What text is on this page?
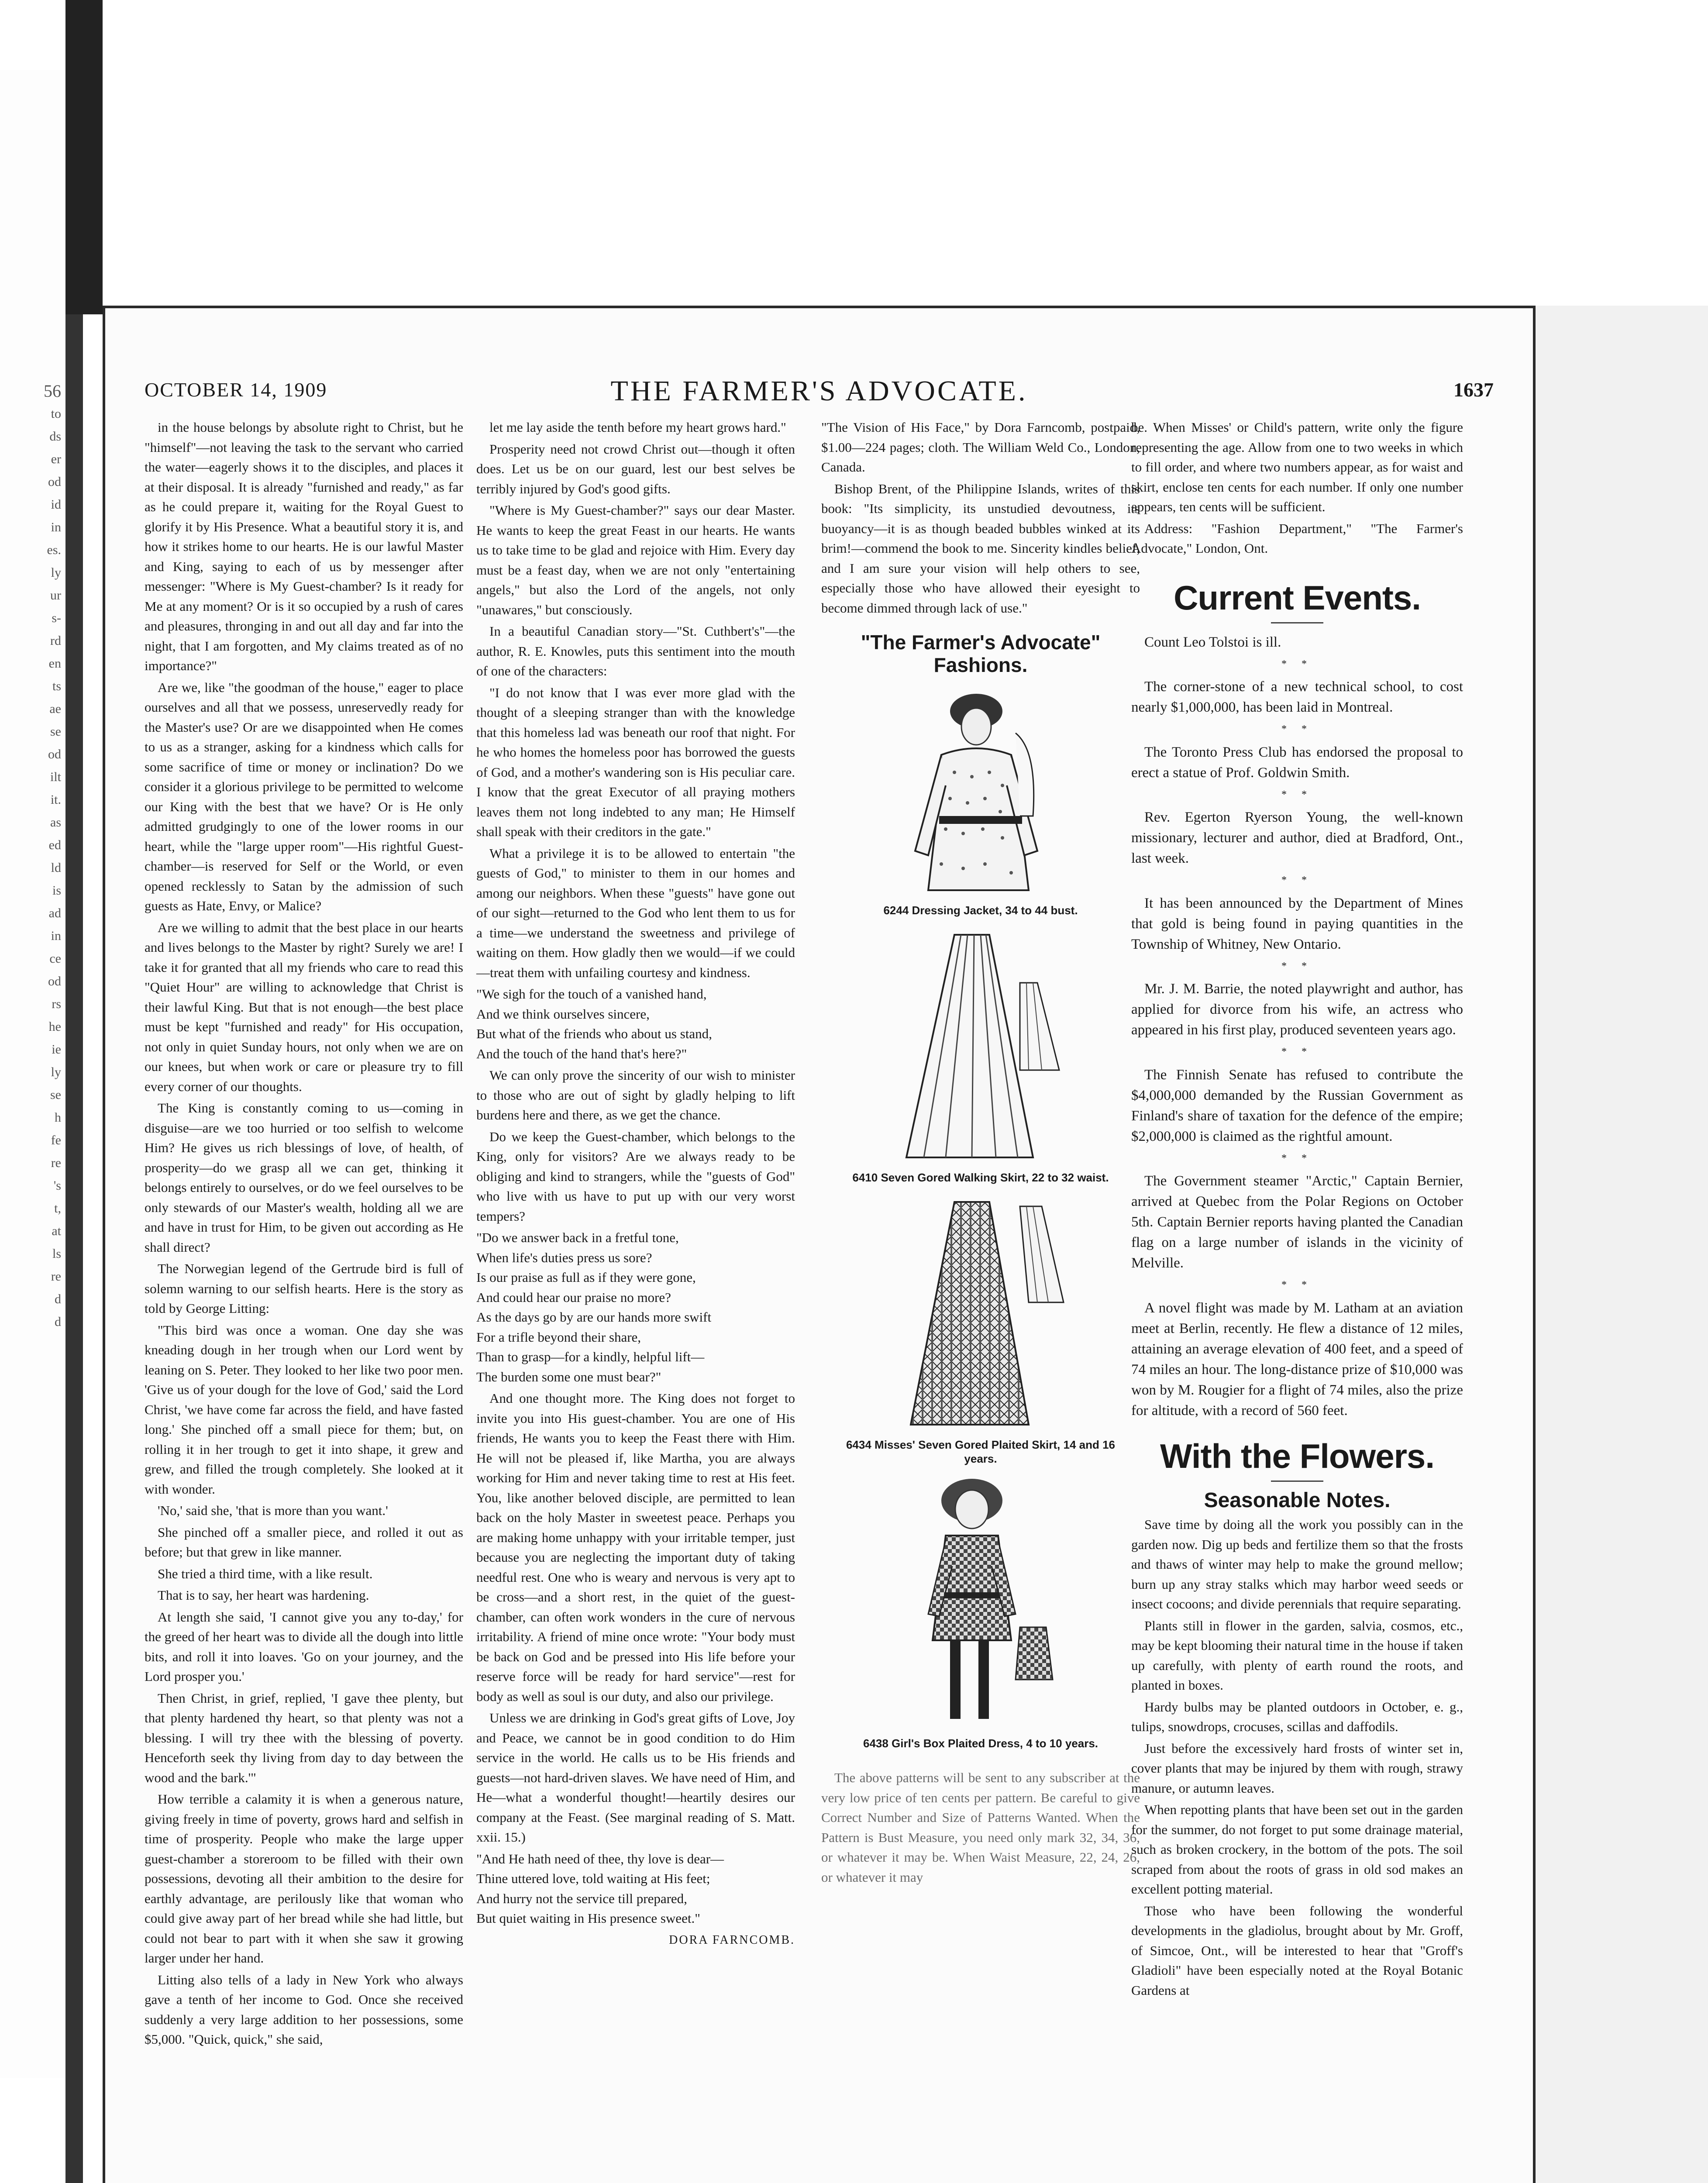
56
to
ds
er
od
id
in
es.
ly
ur
s-
rd
en
ts
ae
se
od
ilt
it.
as
ed
ld
is
ad
in
ce
od
rs
he
ie
ly
se
h
fe
re
's
t,
at
ls
re
d
d
OCTOBER 14, 1909	THE FARMER'S ADVOCATE.	1637

in the house belongs by absolute right to Christ, but he "himself"—not leaving the task to the servant who carried the water—eagerly shows it to the disciples, and places it at their disposal. It is already "furnished and ready," as far as he could prepare it, waiting for the Royal Guest to glorify it by His Presence. What a beautiful story it is, and how it strikes home to our hearts. He is our lawful Master and King, saying to each of us by messenger after messenger: "Where is My Guest-chamber? Is it ready for Me at any moment? Or is it so occupied by a rush of cares and pleasures, thronging in and out all day and far into the night, that I am forgotten, and My claims treated as of no importance?"

Are we, like "the goodman of the house," eager to place ourselves and all that we possess, unreservedly ready for the Master's use? Or are we disappointed when He comes to us as a stranger, asking for a kindness which calls for some sacrifice of time or money or inclination? Do we consider it a glorious privilege to be permitted to welcome our King with the best that we have? Or is He only admitted grudgingly to one of the lower rooms in our heart, while the "large upper room"—His rightful Guest-chamber—is reserved for Self or the World, or even opened recklessly to Satan by the admission of such guests as Hate, Envy, or Malice?

Are we willing to admit that the best place in our hearts and lives belongs to the Master by right? Surely we are! I take it for granted that all my friends who care to read this "Quiet Hour" are willing to acknowledge that Christ is their lawful King. But that is not enough—the best place must be kept "furnished and ready" for His occupation, not only in quiet Sunday hours, not only when we are on our knees, but when work or care or pleasure try to fill every corner of our thoughts.

The King is constantly coming to us—coming in disguise—are we too hurried or too selfish to welcome Him? He gives us rich blessings of love, of health, of prosperity—do we grasp all we can get, thinking it belongs entirely to ourselves, or do we feel ourselves to be only stewards of our Master's wealth, holding all we are and have in trust for Him, to be given out according as He shall direct?

The Norwegian legend of the Gertrude bird is full of solemn warning to our selfish hearts. Here is the story as told by George Litting:

"This bird was once a woman. One day she was kneading dough in her trough when our Lord went by leaning on S. Peter. They looked to her like two poor men. 'Give us of your dough for the love of God,' said the Lord Christ, 'we have come far across the field, and have fasted long.' She pinched off a small piece for them; but, on rolling it in her trough to get it into shape, it grew and grew, and filled the trough completely. She looked at it with wonder.

'No,' said she, 'that is more than you want.'

She pinched off a smaller piece, and rolled it out as before; but that grew in like manner.

She tried a third time, with a like result.

That is to say, her heart was hardening.

At length she said, 'I cannot give you any to-day,' for the greed of her heart was to divide all the dough into little bits, and roll it into loaves. 'Go on your journey, and the Lord prosper you.'

Then Christ, in grief, replied, 'I gave thee plenty, but that plenty hardened thy heart, so that plenty was not a blessing. I will try thee with the blessing of poverty. Henceforth seek thy living from day to day between the wood and the bark.'"

How terrible a calamity it is when a generous nature, giving freely in time of poverty, grows hard and selfish in time of prosperity. People who make the large upper guest-chamber a storeroom to be filled with their own possessions, devoting all their ambition to the desire for earthly advantage, are perilously like that woman who could give away part of her bread while she had little, but could not bear to part with it when she saw it growing larger under her hand.

Litting also tells of a lady in New York who always gave a tenth of her income to God. Once she received suddenly a very large addition to her possessions, some $5,000. "Quick, quick," she said,

let me lay aside the tenth before my heart grows hard."

Prosperity need not crowd Christ out—though it often does. Let us be on our guard, lest our best selves be terribly injured by God's good gifts.

"Where is My Guest-chamber?" says our dear Master. He wants to keep the great Feast in our hearts. He wants us to take time to be glad and rejoice with Him. Every day must be a feast day, when we are not only "entertaining angels," but also the Lord of the angels, not only "unawares," but consciously.

In a beautiful Canadian story—"St. Cuthbert's"—the author, R. E. Knowles, puts this sentiment into the mouth of one of the characters:

"I do not know that I was ever more glad with the thought of a sleeping stranger than with the knowledge that this homeless lad was beneath our roof that night. For he who homes the homeless poor has borrowed the guests of God, and a mother's wandering son is His peculiar care. I know that the great Executor of all praying mothers leaves them not long indebted to any man; He Himself shall speak with their creditors in the gate."

What a privilege it is to be allowed to entertain "the guests of God," to minister to them in our homes and among our neighbors. When these "guests" have gone out of our sight—returned to the God who lent them to us for a time—we understand the sweetness and privilege of waiting on them. How gladly then we would—if we could—treat them with unfailing courtesy and kindness.

"We sigh for the touch of a vanished hand,
And we think ourselves sincere,
But what of the friends who about us stand,
And the touch of the hand that's here?"

We can only prove the sincerity of our wish to minister to those who are out of sight by gladly helping to lift burdens here and there, as we get the chance.

Do we keep the Guest-chamber, which belongs to the King, only for visitors? Are we always ready to be obliging and kind to strangers, while the "guests of God" who live with us have to put up with our very worst tempers?

"Do we answer back in a fretful tone,
When life's duties press us sore?
Is our praise as full as if they were gone,
And could hear our praise no more?
As the days go by are our hands more swift
For a trifle beyond their share,
Than to grasp—for a kindly, helpful lift—
The burden some one must bear?"

And one thought more. The King does not forget to invite you into His guest-chamber. You are one of His friends, He wants you to keep the Feast there with Him. He will not be pleased if, like Martha, you are always working for Him and never taking time to rest at His feet. You, like another beloved disciple, are permitted to lean back on the holy Master in sweetest peace. Perhaps you are making home unhappy with your irritable temper, just because you are neglecting the important duty of taking needful rest. One who is weary and nervous is very apt to be cross—and a short rest, in the quiet of the guest-chamber, can often work wonders in the cure of nervous irritability. A friend of mine once wrote: "Your body must be back on God and be pressed into His life before your reserve force will be ready for hard service"—rest for body as well as soul is our duty, and also our privilege.

Unless we are drinking in God's great gifts of Love, Joy and Peace, we cannot be in good condition to do Him service in the world. He calls us to be His friends and guests—not hard-driven slaves. We have need of Him, and He—what a wonderful thought!—heartily desires our company at the Feast. (See marginal reading of S. Matt. xxii. 15.)

"And He hath need of thee, thy love is dear—
Thine uttered love, told waiting at His feet;
And hurry not the service till prepared,
But quiet waiting in His presence sweet."

DORA FARNCOMB.

"The Vision of His Face," by Dora Farncomb, postpaid, $1.00—224 pages; cloth. The William Weld Co., London, Canada.

Bishop Brent, of the Philippine Islands, writes of this book: "Its simplicity, its unstudied devoutness, its buoyancy—it is as though beaded bubbles winked at its brim!—commend the book to me. Sincerity kindles belief, and I am sure your vision will help others to see, especially those who have allowed their eyesight to become dimmed through lack of use."

"The Farmer's Advocate" Fashions.
6244 Dressing Jacket, 34 to 44 bust.
6410 Seven Gored Walking Skirt, 22 to 32 waist.
6434 Misses' Seven Gored Plaited Skirt, 14 and 16 years.
6438 Girl's Box Plaited Dress, 4 to 10 years.

The above patterns will be sent to any subscriber at the very low price of ten cents per pattern. Be careful to give Correct Number and Size of Patterns Wanted. When the Pattern is Bust Measure, you need only mark 32, 34, 36, or whatever it may be. When Waist Measure, 22, 24, 26, or whatever it may

be. When Misses' or Child's pattern, write only the figure representing the age. Allow from one to two weeks in which to fill order, and where two numbers appear, as for waist and skirt, enclose ten cents for each number. If only one number appears, ten cents will be sufficient.

Address: "Fashion Department," "The Farmer's Advocate," London, Ont.

Current Events.

Count Leo Tolstoi is ill.

* *

The corner-stone of a new technical school, to cost nearly $1,000,000, has been laid in Montreal.

* *

The Toronto Press Club has endorsed the proposal to erect a statue of Prof. Goldwin Smith.

* *

Rev. Egerton Ryerson Young, the well-known missionary, lecturer and author, died at Bradford, Ont., last week.

* *

It has been announced by the Department of Mines that gold is being found in paying quantities in the Township of Whitney, New Ontario.

* *

Mr. J. M. Barrie, the noted playwright and author, has applied for divorce from his wife, an actress who appeared in his first play, produced seventeen years ago.

* *

The Finnish Senate has refused to contribute the $4,000,000 demanded by the Russian Government as Finland's share of taxation for the defence of the empire; $2,000,000 is claimed as the rightful amount.

* *

The Government steamer "Arctic," Captain Bernier, arrived at Quebec from the Polar Regions on October 5th. Captain Bernier reports having planted the Canadian flag on a large number of islands in the vicinity of Melville.

* *

A novel flight was made by M. Latham at an aviation meet at Berlin, recently. He flew a distance of 12 miles, attaining an average elevation of 400 feet, and a speed of 74 miles an hour. The long-distance prize of $10,000 was won by M. Rougier for a flight of 74 miles, also the prize for altitude, with a record of 560 feet.

With the Flowers.
Seasonable Notes.

Save time by doing all the work you possibly can in the garden now. Dig up beds and fertilize them so that the frosts and thaws of winter may help to make the ground mellow; burn up any stray stalks which may harbor weed seeds or insect cocoons; and divide perennials that require separating.

Plants still in flower in the garden, salvia, cosmos, etc., may be kept blooming their natural time in the house if taken up carefully, with plenty of earth round the roots, and planted in boxes.

Hardy bulbs may be planted outdoors in October, e. g., tulips, snowdrops, crocuses, scillas and daffodils.

Just before the excessively hard frosts of winter set in, cover plants that may be injured by them with rough, strawy manure, or autumn leaves.

When repotting plants that have been set out in the garden for the summer, do not forget to put some drainage material, such as broken crockery, in the bottom of the pots. The soil scraped from about the roots of grass in old sod makes an excellent potting material.

Those who have been following the wonderful developments in the gladiolus, brought about by Mr. Groff, of Simcoe, Ont., will be interested to hear that "Groff's Gladioli" have been especially noted at the Royal Botanic Gardens at
